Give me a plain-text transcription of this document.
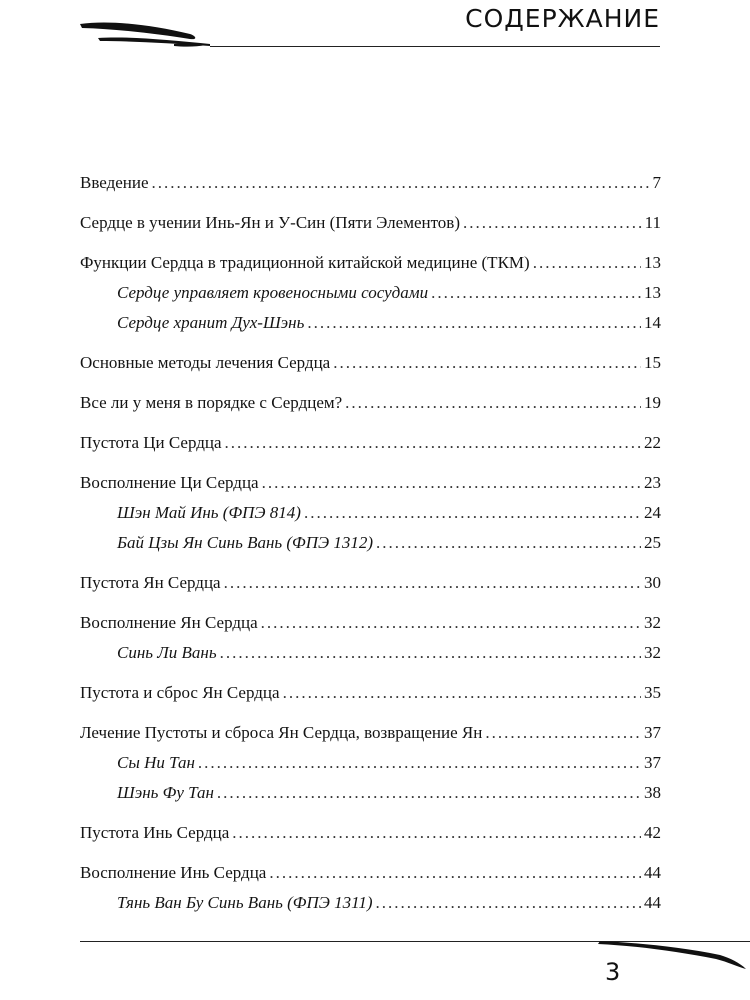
СОДЕРЖАНИЕ
Введение .....	7
Сердце в учении Инь-Ян и У-Син (Пяти Элементов) .....	11
Функции Сердца в традиционной китайской медицине (ТКМ) .....	13
Сердце управляет кровеносными сосудами .....	13
Сердце хранит Дух-Шэнь .....	14
Основные методы лечения Сердца .....	15
Все ли у меня в порядке с Сердцем? .....	19
Пустота Ци Сердца .....	22
Восполнение Ци Сердца .....	23
Шэн Май Инь (ФПЭ 814) .....	24
Бай Цзы Ян Синь Вань (ФПЭ 1312) .....	25
Пустота Ян Сердца .....	30
Восполнение Ян Сердца .....	32
Синь Ли Вань .....	32
Пустота и сброс Ян Сердца .....	35
Лечение Пустоты и сброса Ян Сердца, возвращение Ян .....	37
Сы Ни Тан .....	37
Шэнь Фу Тан .....	38
Пустота Инь Сердца .....	42
Восполнение Инь Сердца .....	44
Тянь Ван Бу Синь Вань (ФПЭ 1311) .....	44
3
